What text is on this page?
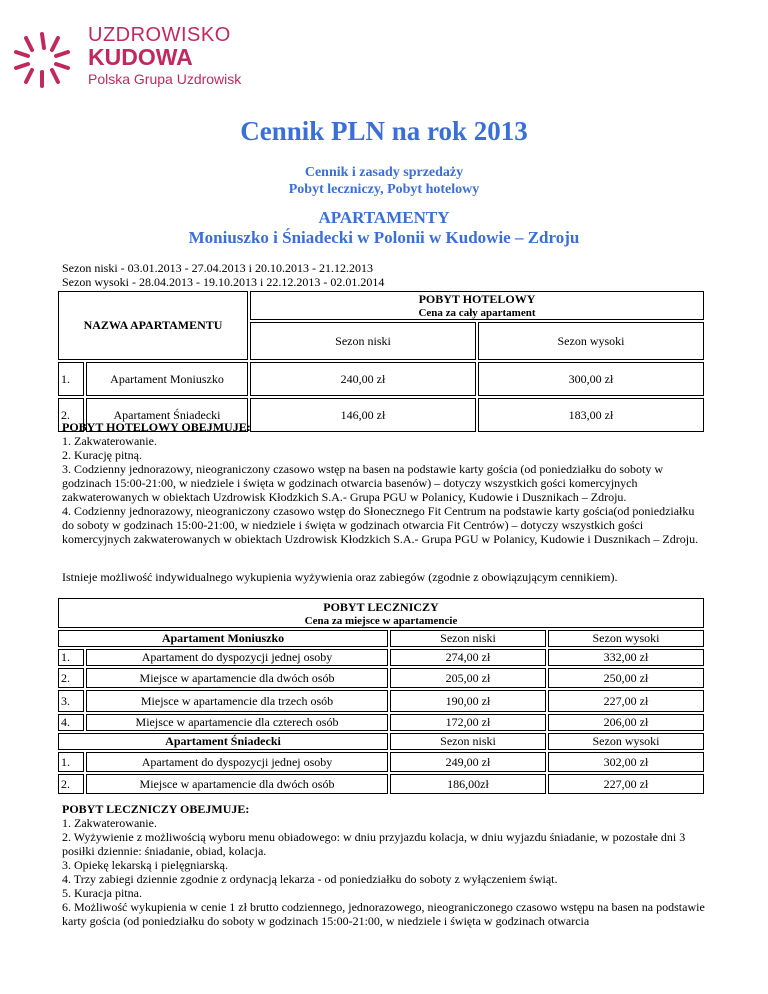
UZDROWISKO
KUDOWA
Polska Grupa Uzdrowisk
Cennik PLN na rok 2013
Cennik i zasady sprzedaży
Pobyt leczniczy, Pobyt hotelowy
APARTAMENTY
Moniuszko i Śniadecki w Polonii w Kudowie – Zdroju
Sezon niski - 03.01.2013 - 27.04.2013 i 20.10.2013 - 21.12.2013
Sezon wysoki - 28.04.2013 - 19.10.2013 i 22.12.2013 - 02.01.2014
NAZWA APARTAMENTU		POBYT HOTELOWY
Cena za cały apartament	

		Sezon niski	Sezon wysoki
1.	Apartament Moniuszko	240,00 zł	300,00 zł
2.	Apartament Śniadecki	146,00 zł	183,00 zł

POBYT HOTELOWY OBEJMUJE:

1. Zakwaterowanie.

2. Kurację pitną.

3. Codzienny jednorazowy, nieograniczony czasowo wstęp na basen na podstawie karty gościa (od poniedziałku do soboty w godzinach 15:00-21:00, w niedziele i święta w godzinach otwarcia basenów) – dotyczy wszystkich gości komercyjnych zakwaterowanych w obiektach Uzdrowisk Kłodzkich S.A.- Grupa PGU w Polanicy, Kudowie i Dusznikach – Zdroju.

4. Codzienny jednorazowy, nieograniczony czasowo wstęp do Słonecznego Fit Centrum na podstawie karty gościa(od poniedziałku do soboty w godzinach 15:00-21:00, w niedziele i święta w godzinach otwarcia Fit Centrów) – dotyczy wszystkich gości komercyjnych zakwaterowanych w obiektach Uzdrowisk Kłodzkich S.A.- Grupa PGU w Polanicy, Kudowie i Dusznikach – Zdroju.

Istnieje możliwość indywidualnego wykupienia wyżywienia oraz zabiegów (zgodnie z obowiązującym cennikiem).
POBYT LECZNICZY
Cena za miejsce w apartamencie			

Apartament Moniuszko		Sezon niski	Sezon wysoki
1.	Apartament do dyspozycji jednej osoby	274,00 zł	332,00 zł
2.	Miejsce w apartamencie dla dwóch osób	205,00 zł	250,00 zł
3.	Miejsce w apartamencie dla trzech osób	190,00 zł	227,00 zł
4.	Miejsce w apartamencie dla czterech osób	172,00 zł	206,00 zł
Apartament Śniadecki		Sezon niski	Sezon wysoki
1.	Apartament do dyspozycji jednej osoby	249,00 zł	302,00 zł
2.	Miejsce w apartamencie dla dwóch osób	186,00zł	227,00 zł

POBYT LECZNICZY OBEJMUJE:

1. Zakwaterowanie.

2. Wyżywienie z możliwością wyboru menu obiadowego: w dniu przyjazdu kolacja, w dniu wyjazdu śniadanie, w pozostałe dni 3 posiłki dziennie: śniadanie, obiad, kolacja.

3. Opiekę lekarską i pielęgniarską.

4. Trzy zabiegi dziennie zgodnie z ordynacją lekarza - od poniedziałku do soboty z wyłączeniem świąt.

5. Kuracja pitna.

6. Możliwość wykupienia w cenie 1 zł brutto codziennego, jednorazowego, nieograniczonego czasowo wstępu na basen na podstawie karty gościa (od poniedziałku do soboty w godzinach 15:00-21:00, w niedziele i święta w godzinach otwarcia
